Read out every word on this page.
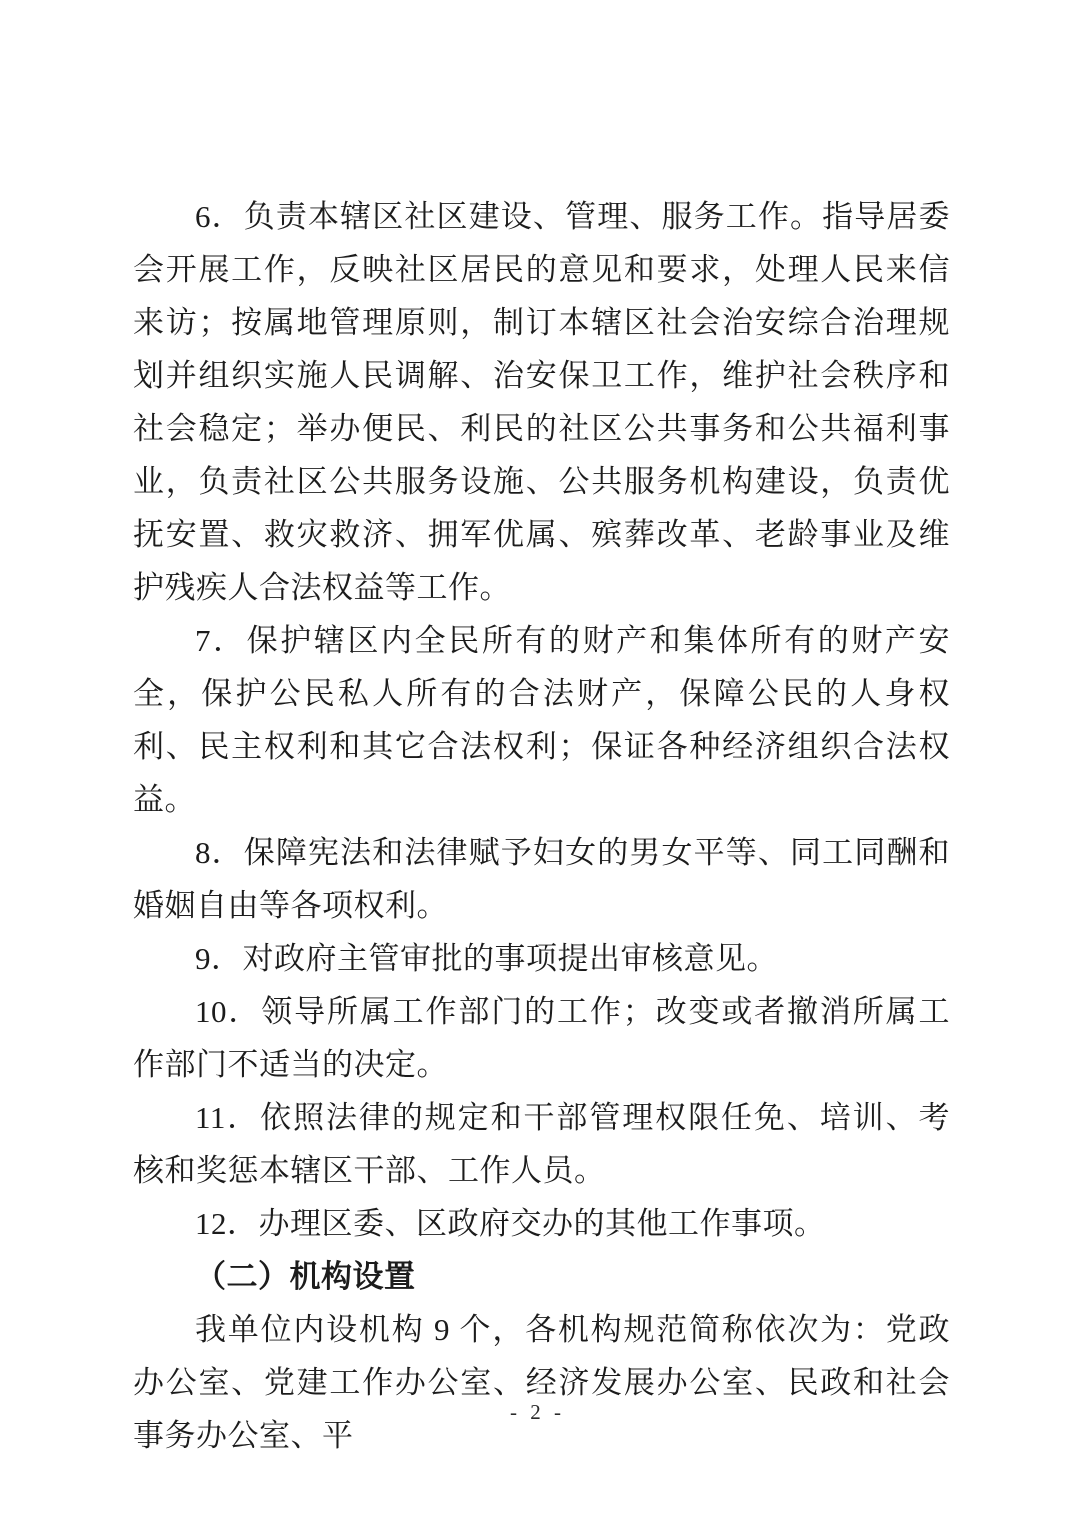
6．负责本辖区社区建设、管理、服务工作。指导居委会开展工作，反映社区居民的意见和要求，处理人民来信来访；按属地管理原则，制订本辖区社会治安综合治理规划并组织实施人民调解、治安保卫工作，维护社会秩序和社会稳定；举办便民、利民的社区公共事务和公共福利事业，负责社区公共服务设施、公共服务机构建设，负责优抚安置、救灾救济、拥军优属、殡葬改革、老龄事业及维护残疾人合法权益等工作。

7．保护辖区内全民所有的财产和集体所有的财产安全，保护公民私人所有的合法财产，保障公民的人身权利、民主权利和其它合法权利；保证各种经济组织合法权益。

8．保障宪法和法律赋予妇女的男女平等、同工同酬和婚姻自由等各项权利。

9．对政府主管审批的事项提出审核意见。

10．领导所属工作部门的工作；改变或者撤消所属工作部门不适当的决定。

11．依照法律的规定和干部管理权限任免、培训、考核和奖惩本辖区干部、工作人员。

12．办理区委、区政府交办的其他工作事项。

（二）机构设置

我单位内设机构 9 个，各机构规范简称依次为：党政办公室、党建工作办公室、经济发展办公室、民政和社会事务办公室、平

- 2 -
